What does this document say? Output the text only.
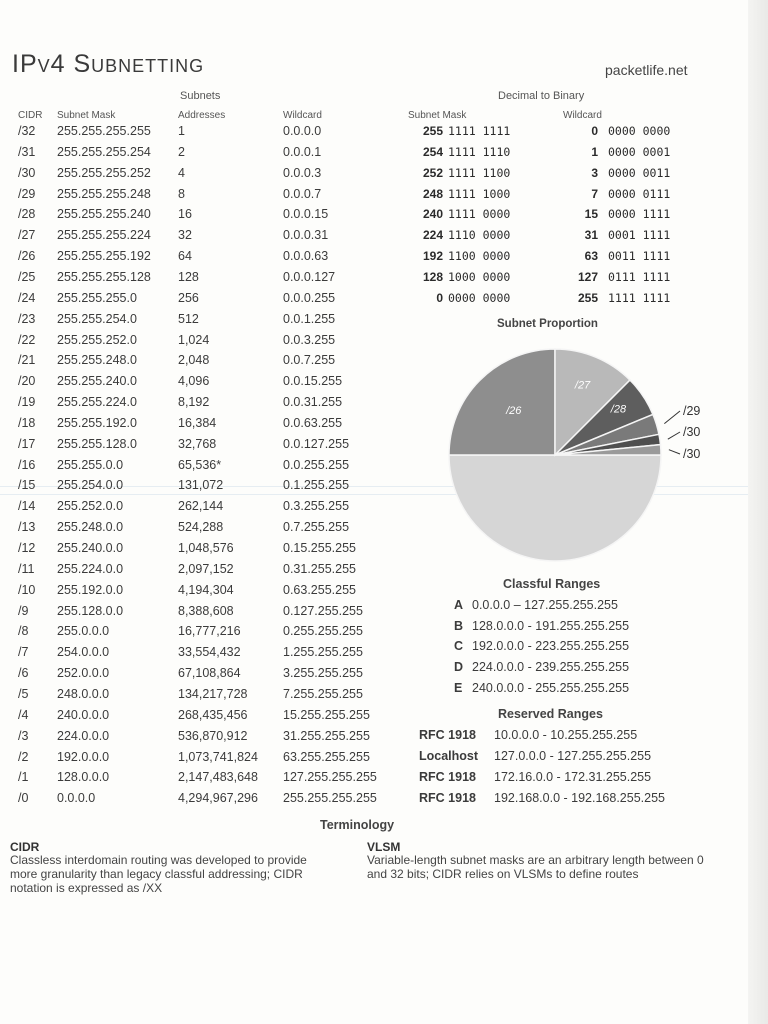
IPv4 Subnetting	packetlife.net
Subnets
CIDR Subnet Mask	Addresses	Wildcard
/32	255.255.255.255 1	0.0.0.0
/31	255.255.255.254 2	0.0.0.1
/30	255.255.255.252 4	0.0.0.3
/29	255.255.255.248 8	0.0.0.7
/28	255.255.255.240 16	0.0.0.15
/27	255.255.255.224 32	0.0.0.31
/26	255.255.255.192 64	0.0.0.63
/25	255.255.255.128 128	0.0.0.127
/24	255.255.255.0	256	0.0.0.255
/23	255.255.254.0	512	0.0.1.255
/22	255.255.252.0	1,024	0.0.3.255
/21	255.255.248.0	2,048	0.0.7.255
/20	255.255.240.0	4,096	0.0.15.255
/19	255.255.224.0	8,192	0.0.31.255
/18	255.255.192.0	16,384	0.0.63.255
/17	255.255.128.0	32,768	0.0.127.255
/16	255.255.0.0	65,536*	0.0.255.255
/15	255.254.0.0	131,072	0.1.255.255
/14	255.252.0.0	262,144	0.3.255.255
/13	255.248.0.0	524,288	0.7.255.255
/12	255.240.0.0	1,048,576	0.15.255.255
/11	255.224.0.0	2,097,152	0.31.255.255
/10	255.192.0.0	4,194,304	0.63.255.255
/9	255.128.0.0	8,388,608	0.127.255.255
/8	255.0.0.0	16,777,216	0.255.255.255
/7	254.0.0.0	33,554,432	1.255.255.255
/6	252.0.0.0	67,108,864	3.255.255.255
/5	248.0.0.0	134,217,728	7.255.255.255
/4	240.0.0.0	268,435,456	15.255.255.255
/3	224.0.0.0	536,870,912	31.255.255.255
/2	192.0.0.0	1,073,741,824 63.255.255.255
/1	128.0.0.0	2,147,483,648 127.255.255.255
/0	0.0.0.0	4,294,967,296 255.255.255.255
Decimal to Binary
Subnet Mask	Wildcard
255 1111 1111	0 0000 0000
254 1111 1110	1 0000 0001
252 1111 1100	3 0000 0011
248 1111 1000	7 0000 0111
240 1111 0000	15 0000 1111
224 1110 0000	31 0001 1111
192 1100 0000	63 0011 1111
128 1000 0000	127 0111 1111
0 0000 0000	255 1111 1111
Subnet Proportion
/26
/27
/28	/29
/30
/30
Classful Ranges
A 0.0.0.0 – 127.255.255.255
B 128.0.0.0 - 191.255.255.255
C 192.0.0.0 - 223.255.255.255
D 224.0.0.0 - 239.255.255.255
E 240.0.0.0 - 255.255.255.255
Reserved Ranges
RFC 1918 10.0.0.0 - 10.255.255.255
Localhost 127.0.0.0 - 127.255.255.255
RFC 1918 172.16.0.0 - 172.31.255.255
RFC 1918 192.168.0.0 - 192.168.255.255
Terminology
CIDR
Classless interdomain routing was developed to provide more granularity than legacy classful addressing; CIDR notation is expressed as /XX
VLSM
Variable-length subnet masks are an arbitrary length between 0 and 32 bits; CIDR relies on VLSMs to define routes
